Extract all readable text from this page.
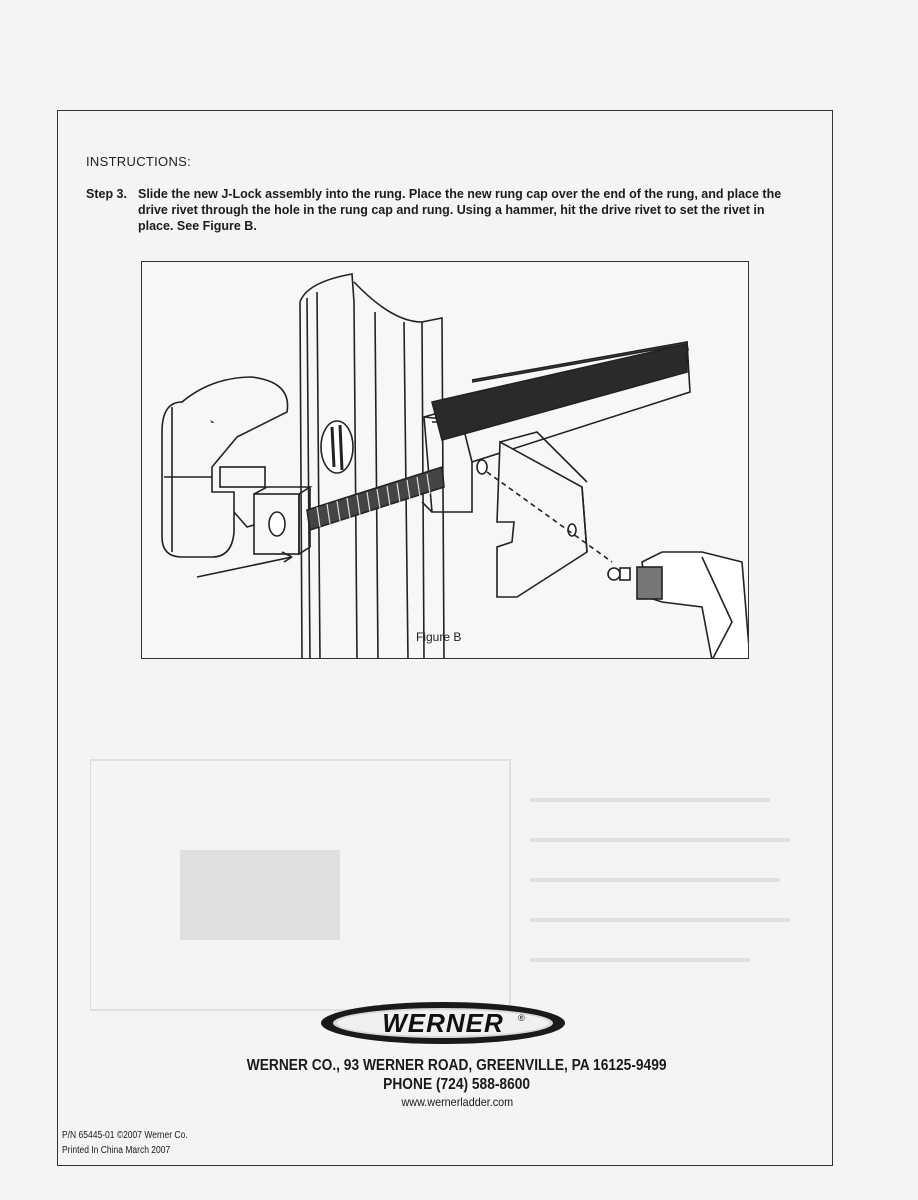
INSTRUCTIONS:
Step 3. Slide the new J-Lock assembly into the rung. Place the new rung cap over the end of the rung, and place the drive rivet through the hole in the rung cap and rung. Using a hammer, hit the drive rivet to set the rivet in place. See Figure B.
Figure B
WERNER ®
WERNER CO., 93 WERNER ROAD, GREENVILLE, PA 16125-9499
PHONE (724) 588-8600
www.wernerladder.com
P/N 65445-01 ©2007 Werner Co.
Printed In China March 2007
